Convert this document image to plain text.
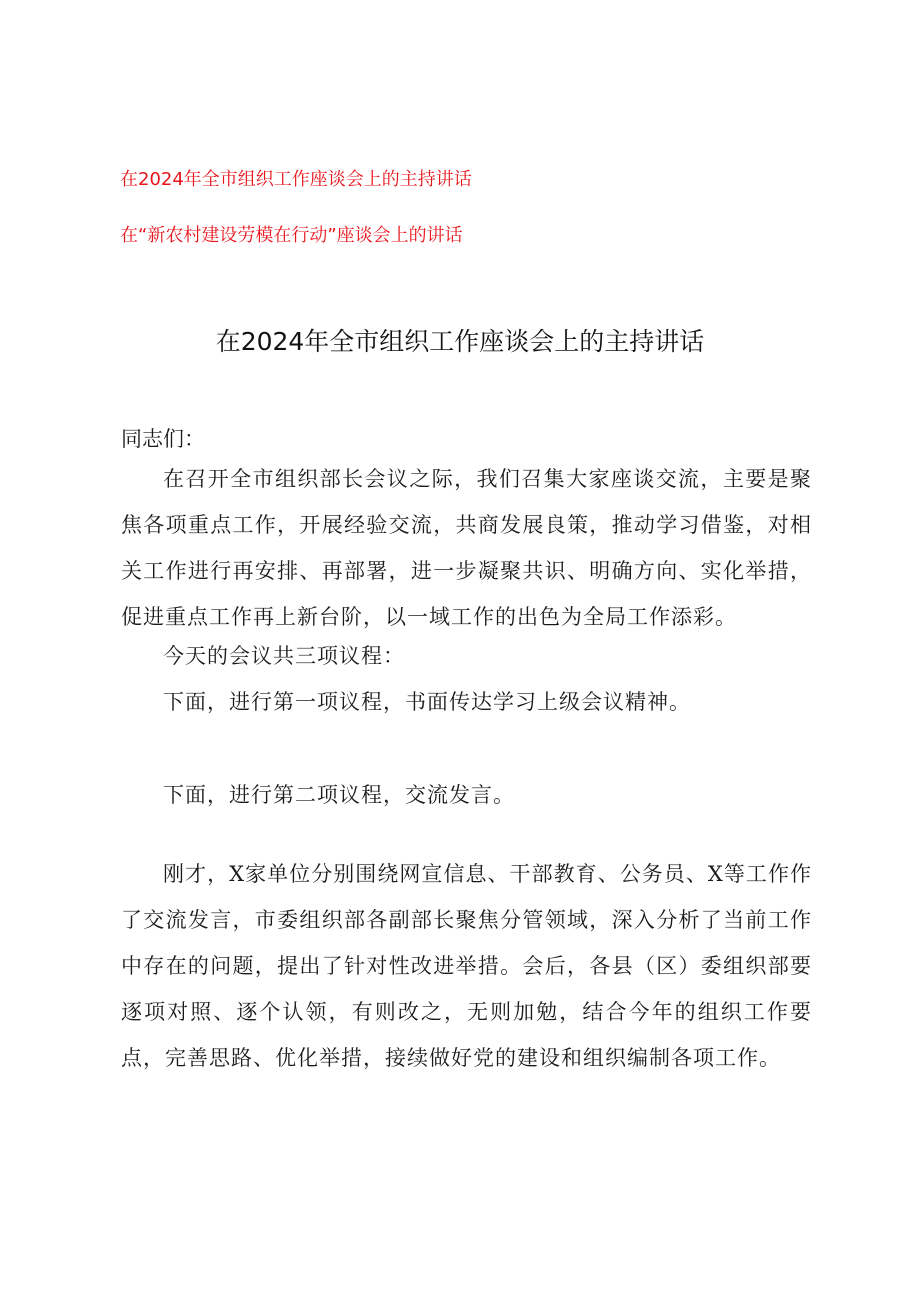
在2024年全市组织工作座谈会上的主持讲话
在“新农村建设劳模在行动”座谈会上的讲话
在2024年全市组织工作座谈会上的主持讲话
同志们：

在召开全市组织部长会议之际，我们召集大家座谈交流，主要是聚焦各项重点工作，开展经验交流，共商发展良策，推动学习借鉴，对相关工作进行再安排、再部署，进一步凝聚共识、明确方向、实化举措，促进重点工作再上新台阶，以一域工作的出色为全局工作添彩。

今天的会议共三项议程：

下面，进行第一项议程，书面传达学习上级会议精神。

下面，进行第二项议程，交流发言。

刚才，X家单位分别围绕网宣信息、干部教育、公务员、X等工作作了交流发言，市委组织部各副部长聚焦分管领域，深入分析了当前工作中存在的问题，提出了针对性改进举措。会后，各县（区）委组织部要逐项对照、逐个认领，有则改之，无则加勉，结合今年的组织工作要点，完善思路、优化举措，接续做好党的建设和组织编制各项工作。
